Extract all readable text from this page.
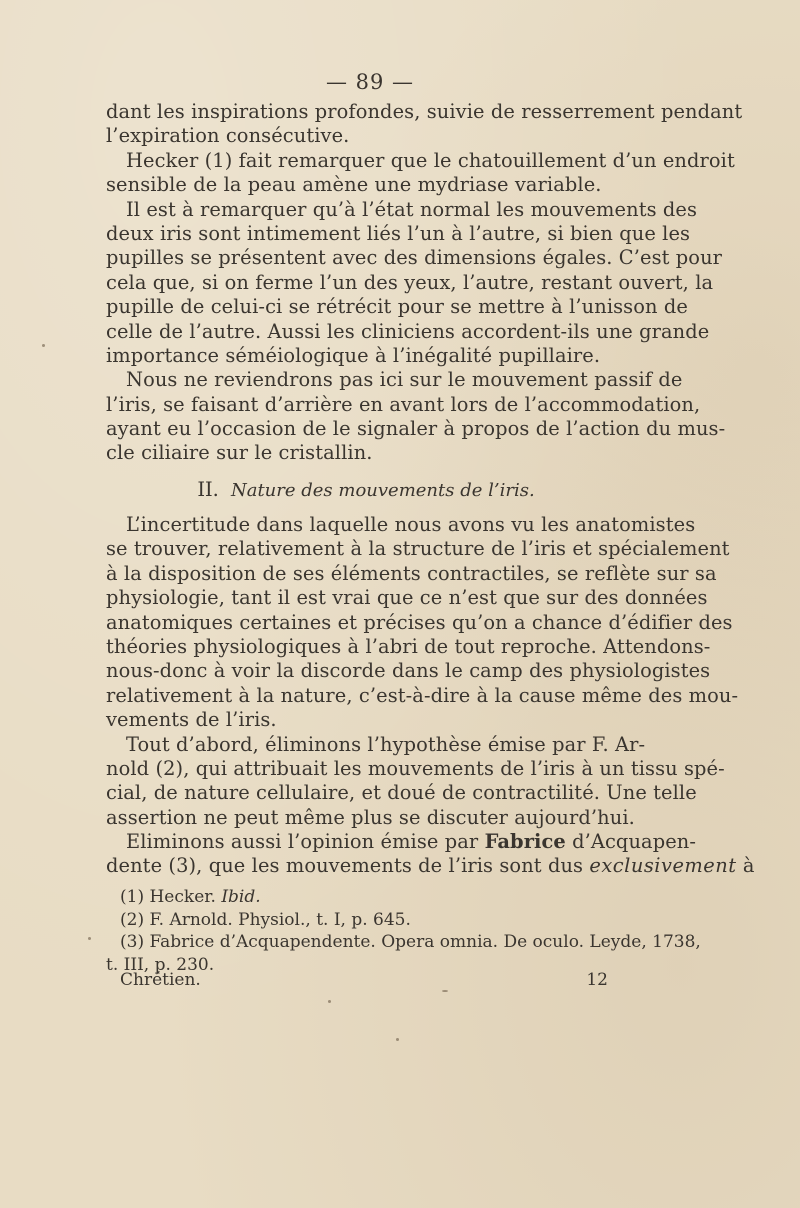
— 89 —
dant les inspirations profondes, suivie de resserrement pendant
l’expiration consécutive.
Hecker (1) fait remarquer que le chatouillement d’un endroit
sensible de la peau amène une mydriase variable.
Il est à remarquer qu’à l’état normal les mouvements des
deux iris sont intimement liés l’un à l’autre, si bien que les
pupilles se présentent avec des dimensions égales. C’est pour
cela que, si on ferme l’un des yeux, l’autre, restant ouvert, la
pupille de celui-ci se rétrécit pour se mettre à l’unisson de
celle de l’autre. Aussi les cliniciens accordent-ils une grande
importance séméiologique à l’inégalité pupillaire.
Nous ne reviendrons pas ici sur le mouvement passif de
l’iris, se faisant d’arrière en avant lors de l’accommodation,
ayant eu l’occasion de le signaler à propos de l’action du mus-
cle ciliaire sur le cristallin.
II. Nature des mouvements de l’iris.
L’incertitude dans laquelle nous avons vu les anatomistes
se trouver, relativement à la structure de l’iris et spécialement
à la disposition de ses éléments contractiles, se reflète sur sa
physiologie, tant il est vrai que ce n’est que sur des données
anatomiques certaines et précises qu’on a chance d’édifier des
théories physiologiques à l’abri de tout reproche. Attendons-
nous-donc à voir la discorde dans le camp des physiologistes
relativement à la nature, c’est-à-dire à la cause même des mou-
vements de l’iris.
Tout d’abord, éliminons l’hypothèse émise par F. Ar-
nold (2), qui attribuait les mouvements de l’iris à un tissu spé-
cial, de nature cellulaire, et doué de contractilité. Une telle
assertion ne peut même plus se discuter aujourd’hui.
Eliminons aussi l’opinion émise par Fabrice d’Acquapen-
dente (3), que les mouvements de l’iris sont dus exclusivement à
(1) Hecker. Ibid.
(2) F. Arnold. Physiol., t. I, p. 645.
(3) Fabrice d’Acquapendente. Opera omnia. De oculo. Leyde, 1738,
t. III, p. 230.
Chrétien.	12
